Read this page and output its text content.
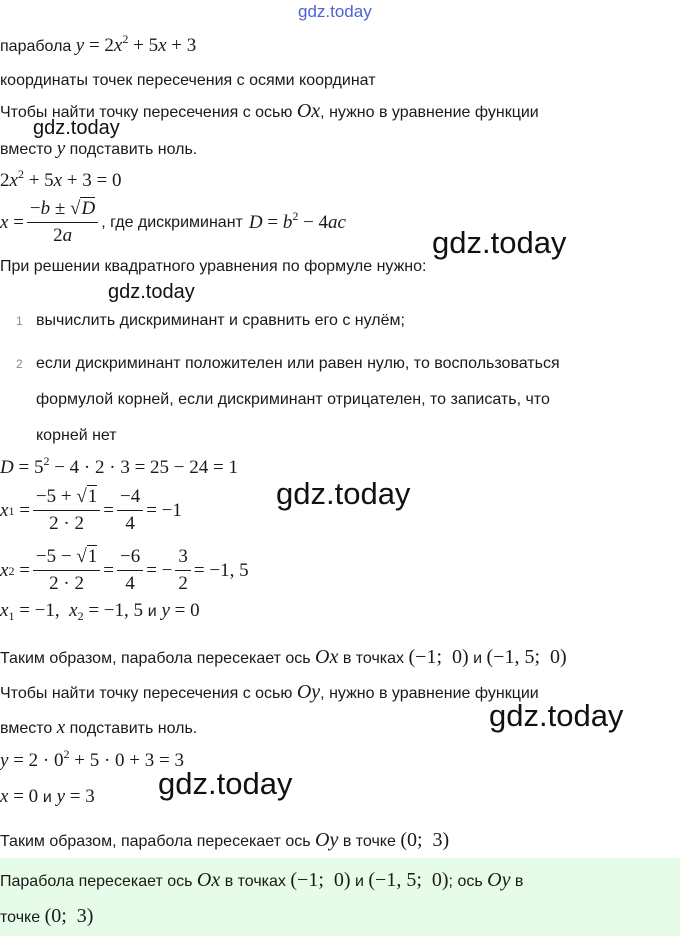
gdz.today
парабола $y = 2x^2 + 5x + 3$
координаты точек пересечения с осями координат
Чтобы найти точку пересечения с осью Ox, нужно в уравнение функции
gdz.today
вместо y подставить ноль.
$2x^2 + 5x + 3 = 0$
$x = \frac{-b \pm √D}{2a}$ , где дискриминант $D = b^2 - 4ac$
gdz.today
При решении квадратного уравнения по формуле нужно:
gdz.today
1 вычислить дискриминант и сравнить его с нулём;
2 если дискриминант положителен или равен нулю, то воспользоваться
формулой корней, если дискриминант отрицателен, то записать, что
корней нет
$D = 5^2 - 4 \cdot 2 \cdot 3 = 25 - 24 = 1$
gdz.today
x $1 = \frac{-5 + √1}{2 \cdot 2} = \frac{-4}{4} = -1$
x $2 = \frac{-5 - √1}{2 \cdot 2} = \frac{-6}{4}$ = − $\frac{3}{2} = -1$, 5
$x_1 = -1$,  $x_2 = -1$, 5 и y = 0
Таким образом, парабола пересекает ось Ox в точках (−1;  0) и (−1, 5;  0)
Чтобы найти точку пересечения с осью Oy, нужно в уравнение функции
gdz.today
вместо x подставить ноль.
$y = 2 \cdot 0^2 + 5 \cdot 0 + 3 = 3$
gdz.today
x = 0 и y = 3
Таким образом, парабола пересекает ось Oy в точке (0;  3)
Парабола пересекает ось Ox в точках (−1;  0) и (−1, 5;  0); ось Oy в
точке (0;  3)
